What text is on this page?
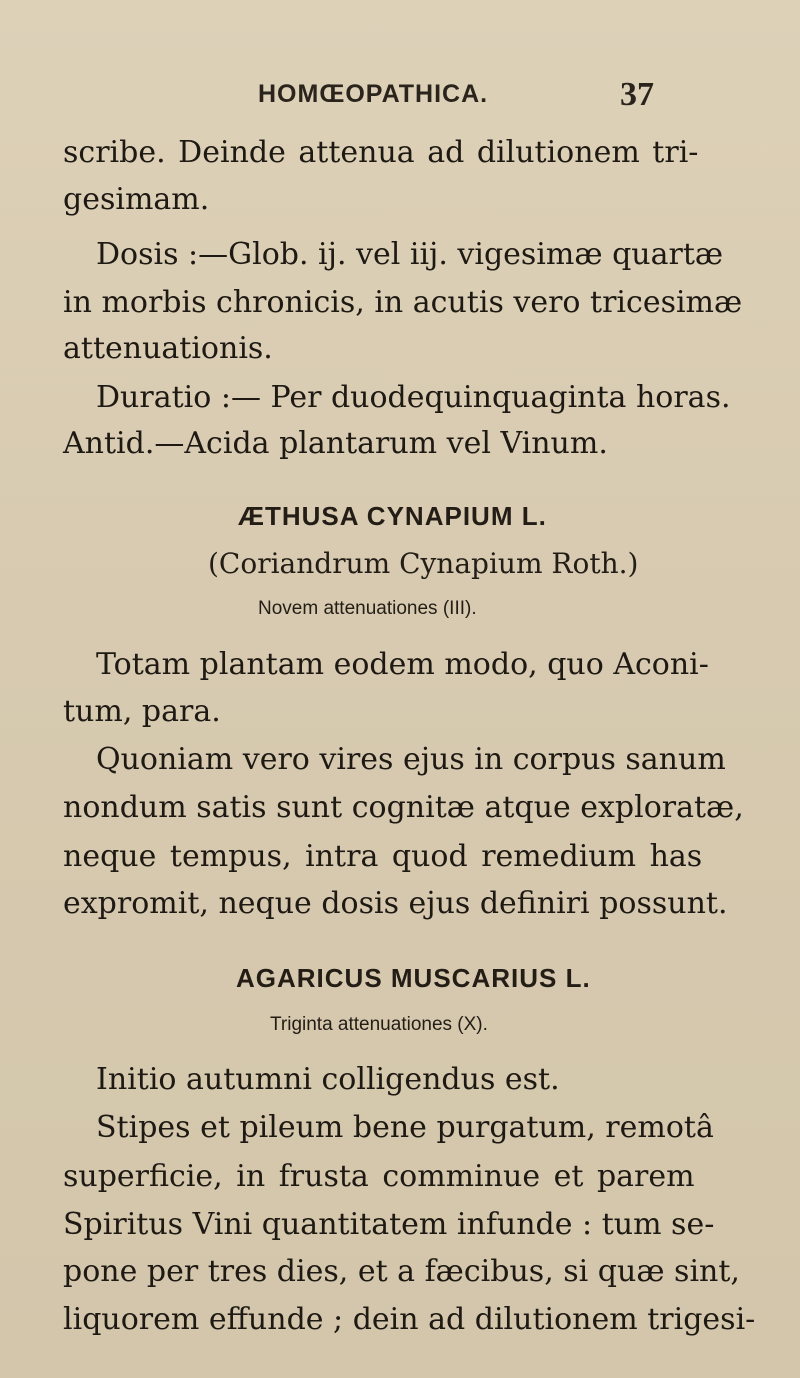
HOMŒOPATHICA.	37
scribe. Deinde attenua ad dilutionem tri-
gesimam.
Dosis :—Glob. ij. vel iij. vigesimæ quartæ
in morbis chronicis, in acutis vero tricesimæ
attenuationis.
Duratio :— Per duodequinquaginta horas.
Antid.—Acida plantarum vel Vinum.
ÆTHUSA CYNAPIUM L.
(Coriandrum Cynapium Roth.)
Novem attenuationes (III).
Totam plantam eodem modo, quo Aconi-
tum, para.
Quoniam vero vires ejus in corpus sanum
nondum satis sunt cognitæ atque exploratæ,
neque tempus, intra quod remedium has
expromit, neque dosis ejus definiri possunt.
AGARICUS MUSCARIUS L.
Triginta attenuationes (X).
Initio autumni colligendus est.
Stipes et pileum bene purgatum, remotâ
superficie, in frusta comminue et parem
Spiritus Vini quantitatem infunde : tum se-
pone per tres dies, et a fæcibus, si quæ sint,
liquorem effunde ; dein ad dilutionem trigesi-
